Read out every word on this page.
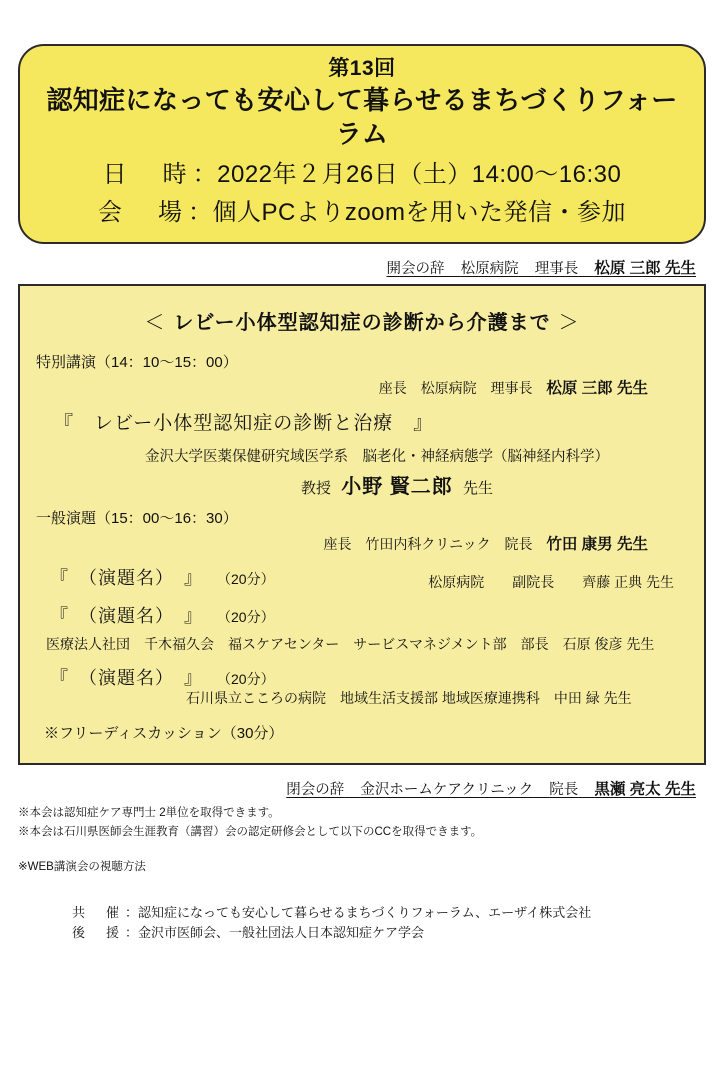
第13回
認知症になっても安心して暮らせるまちづくりフォーラム
日　時：2022年２月26日（土）14:00〜16:30
会　場：個人PCよりzoomを用いた発信・参加
開会の辞 松原病院 理事長 松原 三郎 先生
＜ レビー小体型認知症の診断から介護まで ＞
特別講演（14：10〜15：00）
座長 松原病院 理事長 松原 三郎 先生
『　レビー小体型認知症の診断と治療　』
金沢大学医薬保健研究域医学系　脳老化・神経病態学（脳神経内科学）
教授 小野 賢二郎 先生
一般演題（15：00〜16：30）
座長 竹田内科クリニック 院長 竹田 康男 先生
『　（演題名）　』 （20分）	松原病院　　副院長　　齊藤 正典 先生
『　（演題名）　』 （20分）
医療法人社団　千木福久会　福スケアセンター　サービスマネジメント部　部長　石原 俊彦 先生
『　（演題名）　』 （20分）
石川県立こころの病院　地域生活支援部 地域医療連携科　中田 緑 先生
※フリーディスカッション（30分）
閉会の辞 金沢ホームケアクリニック 院長 黒瀬 亮太 先生
※本会は認知症ケア専門士 2単位を取得できます。
※本会は石川県医師会生涯教育（講習）会の認定研修会として以下のCCを取得できます。
※WEB講演会の視聴方法
共　催 ：認知症になっても安心して暮らせるまちづくりフォーラム、エーザイ株式会社
後　援 ：金沢市医師会、一般社団法人日本認知症ケア学会
